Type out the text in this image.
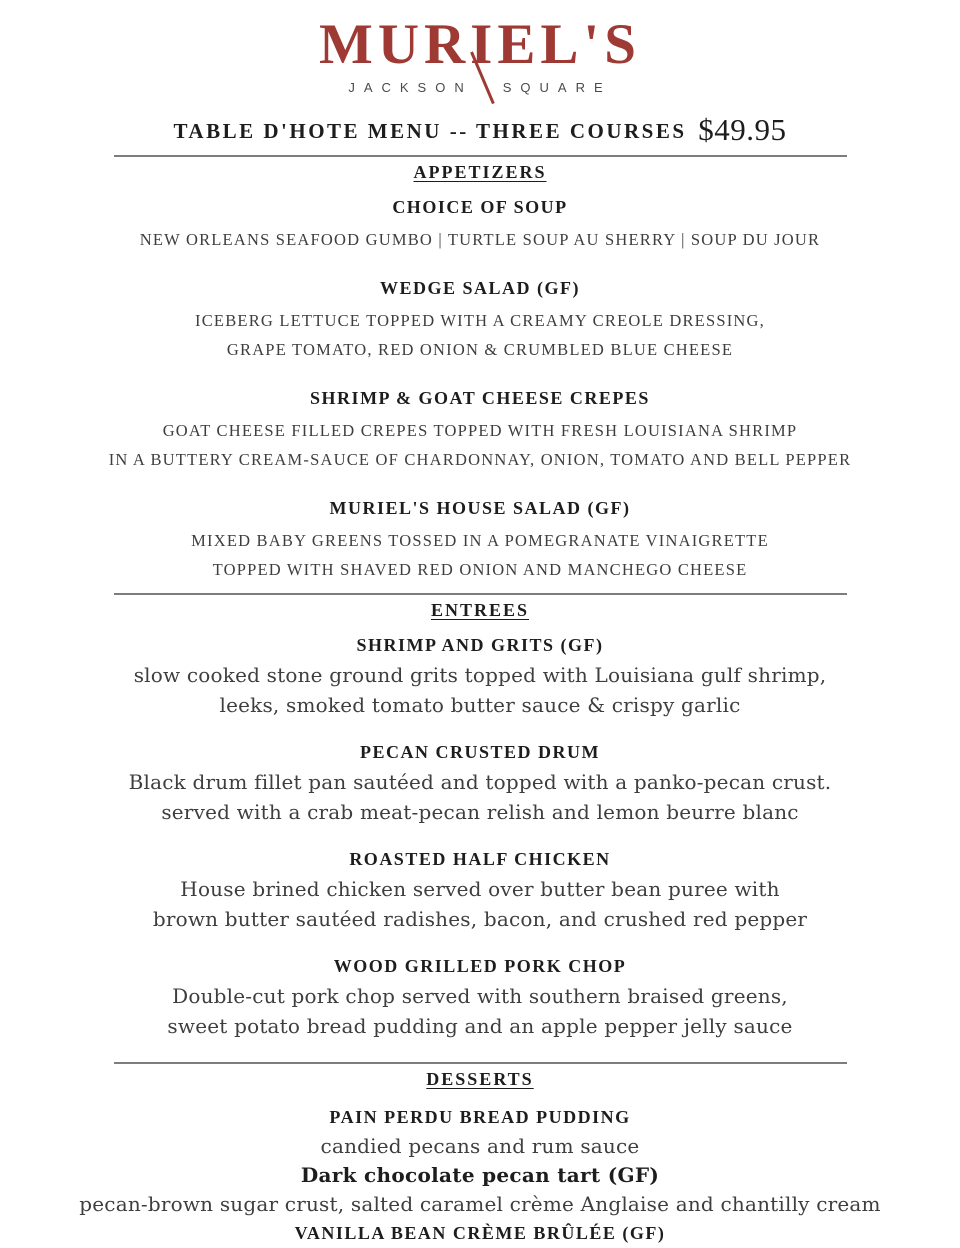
MURIEL'S
JACKSON SQUARE
TABLE D'HOTE MENU -- THREE COURSES $49.95
APPETIZERS
CHOICE OF SOUP

NEW ORLEANS SEAFOOD GUMBO | TURTLE SOUP AU SHERRY | SOUP DU JOUR

WEDGE SALAD (GF)

ICEBERG LETTUCE TOPPED WITH A CREAMY CREOLE DRESSING,

GRAPE TOMATO, RED ONION & CRUMBLED BLUE CHEESE

SHRIMP & GOAT CHEESE CREPES

GOAT CHEESE FILLED CREPES TOPPED WITH FRESH LOUISIANA SHRIMP

IN A BUTTERY CREAM-SAUCE OF CHARDONNAY, ONION, TOMATO AND BELL PEPPER

MURIEL'S HOUSE SALAD (GF)

MIXED BABY GREENS TOSSED IN A POMEGRANATE VINAIGRETTE

TOPPED WITH SHAVED RED ONION AND MANCHEGO CHEESE

ENTREES
SHRIMP AND GRITS (GF)

slow cooked stone ground grits topped with Louisiana gulf shrimp,

leeks, smoked tomato butter sauce & crispy garlic

PECAN CRUSTED DRUM

Black drum fillet pan sautéed and topped with a panko-pecan crust.

served with a crab meat-pecan relish and lemon beurre blanc

ROASTED HALF CHICKEN

House brined chicken served over butter bean puree with

brown butter sautéed radishes, bacon, and crushed red pepper

WOOD GRILLED PORK CHOP

Double-cut pork chop served with southern braised greens,

sweet potato bread pudding and an apple pepper jelly sauce

DESSERTS
PAIN PERDU BREAD PUDDING

candied pecans and rum sauce

Dark chocolate pecan tart (GF)

pecan-brown sugar crust, salted caramel crème Anglaise and chantilly cream

VANILLA BEAN CRÈME BRÛLÉE (GF)
